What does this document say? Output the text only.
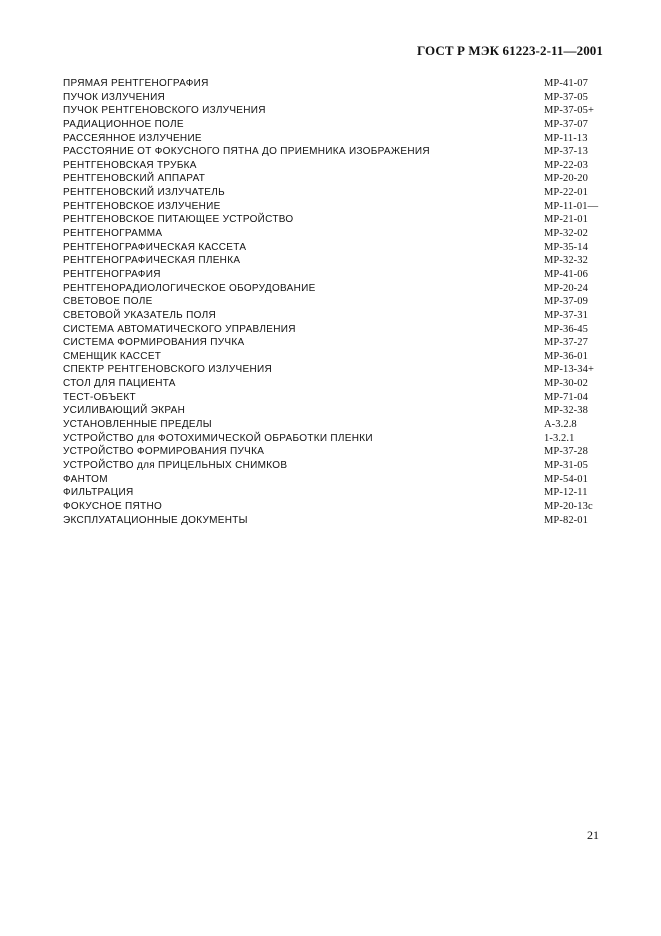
ГОСТ Р МЭК 61223-2-11—2001
ПРЯМАЯ РЕНТГЕНОГРАФИЯ	MP-41-07
ПУЧОК ИЗЛУЧЕНИЯ	MP-37-05
ПУЧОК РЕНТГЕНОВСКОГО ИЗЛУЧЕНИЯ	MP-37-05+
РАДИАЦИОННОЕ ПОЛЕ	MP-37-07
РАССЕЯННОЕ ИЗЛУЧЕНИЕ	MP-11-13
РАССТОЯНИЕ ОТ ФОКУСНОГО ПЯТНА ДО ПРИЕМНИКА ИЗОБРАЖЕНИЯ	MP-37-13
РЕНТГЕНОВСКАЯ ТРУБКА	MP-22-03
РЕНТГЕНОВСКИЙ АППАРАТ	MP-20-20
РЕНТГЕНОВСКИЙ ИЗЛУЧАТЕЛЬ	MP-22-01
РЕНТГЕНОВСКОЕ ИЗЛУЧЕНИЕ	MP-11-01—
РЕНТГЕНОВСКОЕ ПИТАЮЩЕЕ УСТРОЙСТВО	MP-21-01
РЕНТГЕНОГРАММА	MP-32-02
РЕНТГЕНОГРАФИЧЕСКАЯ КАССЕТА	MP-35-14
РЕНТГЕНОГРАФИЧЕСКАЯ ПЛЕНКА	MP-32-32
РЕНТГЕНОГРАФИЯ	MP-41-06
РЕНТГЕНОРАДИОЛОГИЧЕСКОЕ ОБОРУДОВАНИЕ	MP-20-24
СВЕТОВОЕ ПОЛЕ	MP-37-09
СВЕТОВОЙ УКАЗАТЕЛЬ ПОЛЯ	MP-37-31
СИСТЕМА АВТОМАТИЧЕСКОГО УПРАВЛЕНИЯ	MP-36-45
СИСТЕМА ФОРМИРОВАНИЯ ПУЧКА	MP-37-27
СМЕНЩИК КАССЕТ	MP-36-01
СПЕКТР РЕНТГЕНОВСКОГО ИЗЛУЧЕНИЯ	MP-13-34+
СТОЛ ДЛЯ ПАЦИЕНТА	MP-30-02
ТЕСТ-ОБЪЕКТ	MP-71-04
УСИЛИВАЮЩИЙ ЭКРАН	MP-32-38
УСТАНОВЛЕННЫЕ ПРЕДЕЛЫ	А-3.2.8
УСТРОЙСТВО для ФОТОХИМИЧЕСКОЙ ОБРАБОТКИ ПЛЕНКИ	1-3.2.1
УСТРОЙСТВО ФОРМИРОВАНИЯ ПУЧКА	MP-37-28
УСТРОЙСТВО для ПРИЦЕЛЬНЫХ СНИМКОВ	MP-31-05
ФАНТОМ	MP-54-01
ФИЛЬТРАЦИЯ	MP-12-11
ФОКУСНОЕ ПЯТНО	MP-20-13с
ЭКСПЛУАТАЦИОННЫЕ ДОКУМЕНТЫ	MP-82-01
21
